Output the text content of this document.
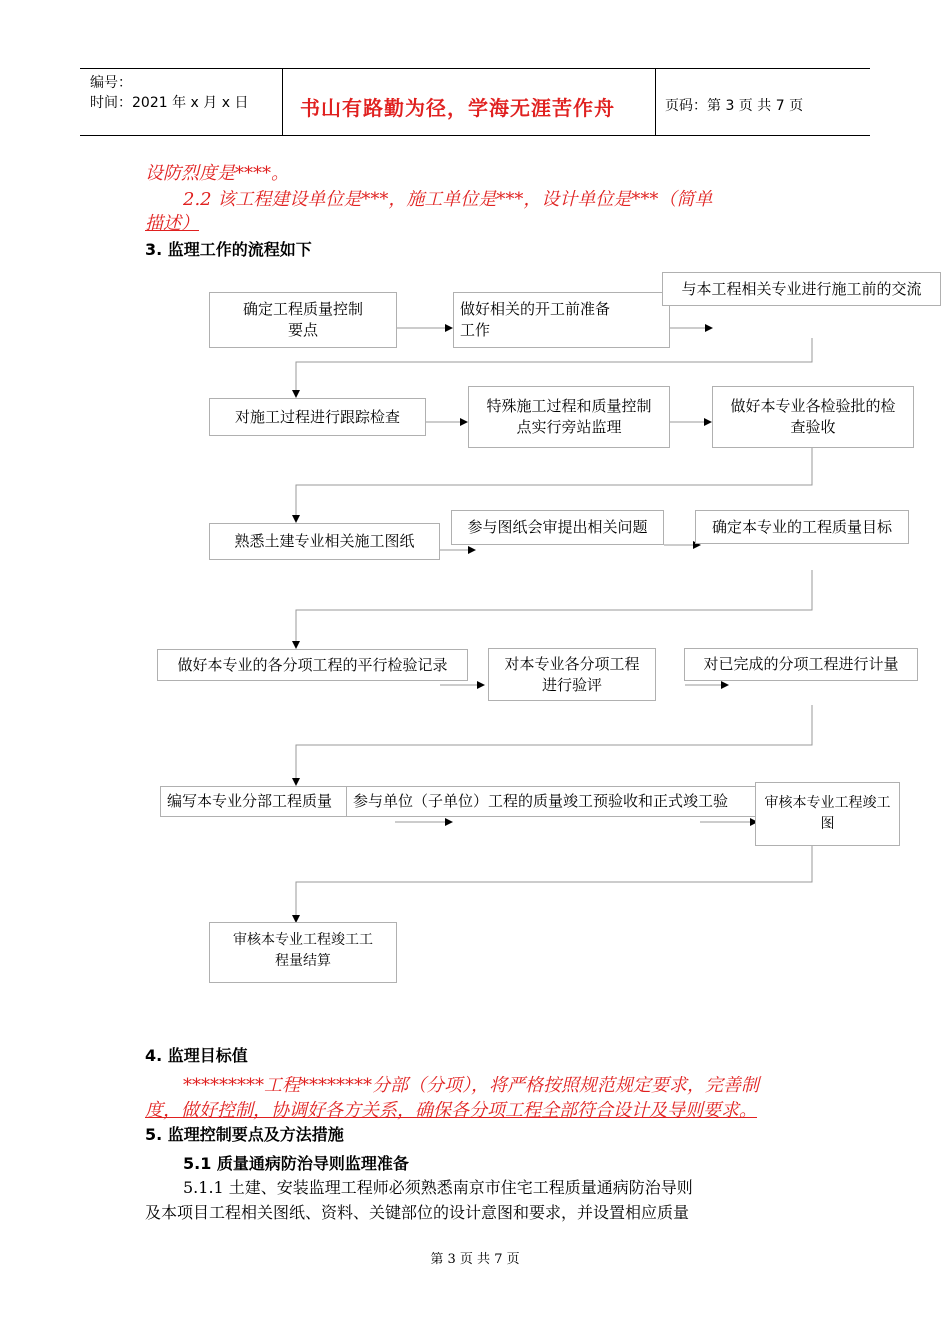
编号：
时间：2021 年 x 月 x 日	书山有路勤为径，学海无涯苦作舟	页码：第 3 页 共 7 页
设防烈度是****。
2.2 该工程建设单位是***，施工单位是***，设计单位是***（简单
描述）
3. 监理工作的流程如下
确定工程质量控制
要点
做好相关的开工前准备
工作
与本工程相关专业进行施工前的交流
对施工过程进行跟踪检查
特殊施工过程和质量控制
点实行旁站监理
做好本专业各检验批的检
查验收
熟悉土建专业相关施工图纸
参与图纸会审提出相关问题	确定本专业的工程质量目标
做好本专业的各分项工程的平行检验记录	对本专业各分项工程
进行验评
对已完成的分项工程进行计量
编写本专业分部工程质量	审核本专业工程竣工图
参与单位（子单位）工程的质量竣工预验收和正式竣工验
审核本专业工程竣工工
程量结算
4. 监理目标值
*********工程********分部（分项），将严格按照规范规定要求，完善制
度，做好控制，协调好各方关系，确保各分项工程全部符合设计及导则要求。
5. 监理控制要点及方法措施
5.1 质量通病防治导则监理准备
5.1.1 土建、安装监理工程师必须熟悉南京市住宅工程质量通病防治导则
及本项目工程相关图纸、资料、关键部位的设计意图和要求，并设置相应质量
第 3 页 共 7 页
